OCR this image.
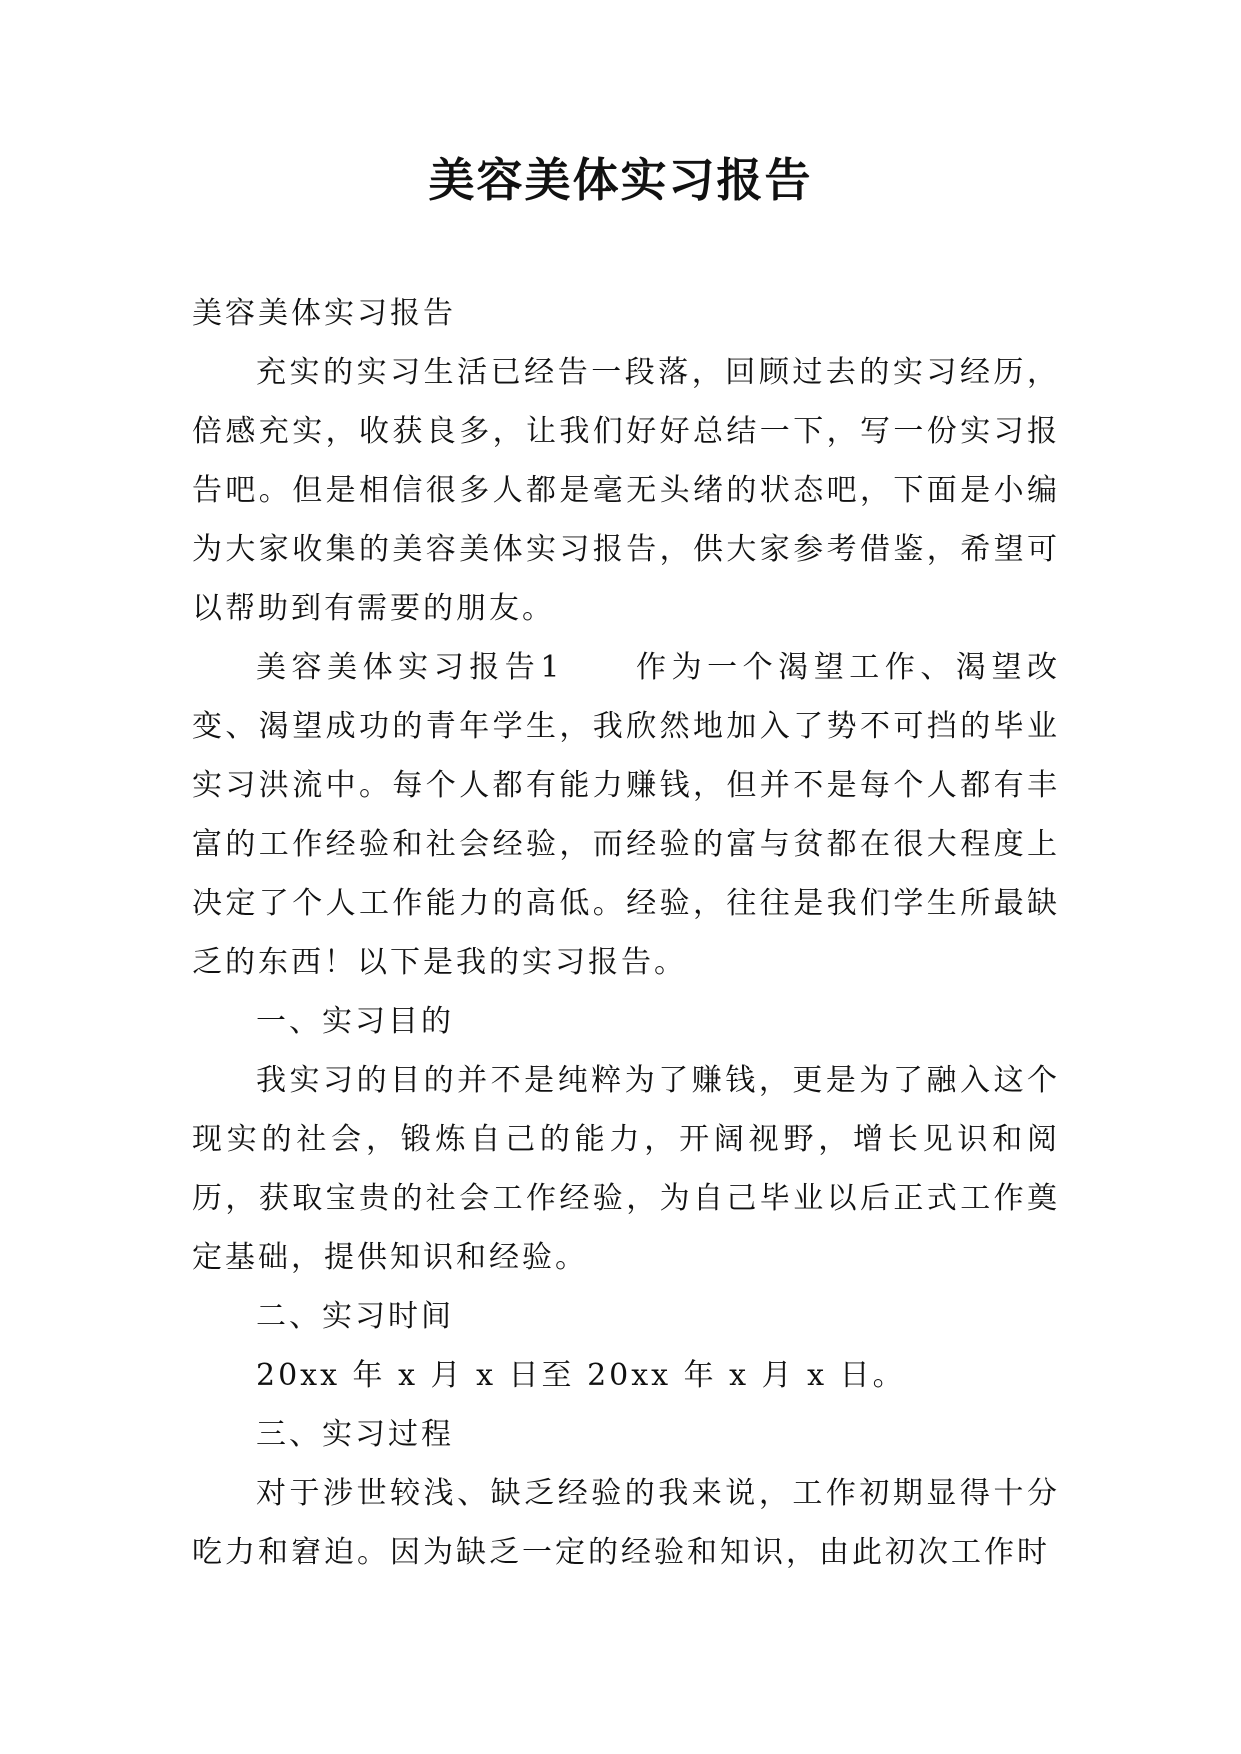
美容美体实习报告

美容美体实习报告

充实的实习生活已经告一段落，回顾过去的实习经历，倍感充实，收获良多，让我们好好总结一下，写一份实习报告吧。但是相信很多人都是毫无头绪的状态吧，下面是小编为大家收集的美容美体实习报告，供大家参考借鉴，希望可以帮助到有需要的朋友。

美容美体实习报告1　　作为一个渴望工作、渴望改变、渴望成功的青年学生，我欣然地加入了势不可挡的毕业实习洪流中。每个人都有能力赚钱，但并不是每个人都有丰富的工作经验和社会经验，而经验的富与贫都在很大程度上决定了个人工作能力的高低。经验，往往是我们学生所最缺乏的东西！以下是我的实习报告。

一、实习目的

我实习的目的并不是纯粹为了赚钱，更是为了融入这个现实的社会，锻炼自己的能力，开阔视野，增长见识和阅历，获取宝贵的社会工作经验，为自己毕业以后正式工作奠定基础，提供知识和经验。

二、实习时间

20xx 年 x 月 x 日至 20xx 年 x 月 x 日。

三、实习过程

对于涉世较浅、缺乏经验的我来说，工作初期显得十分吃力和窘迫。因为缺乏一定的经验和知识，由此初次工作时
